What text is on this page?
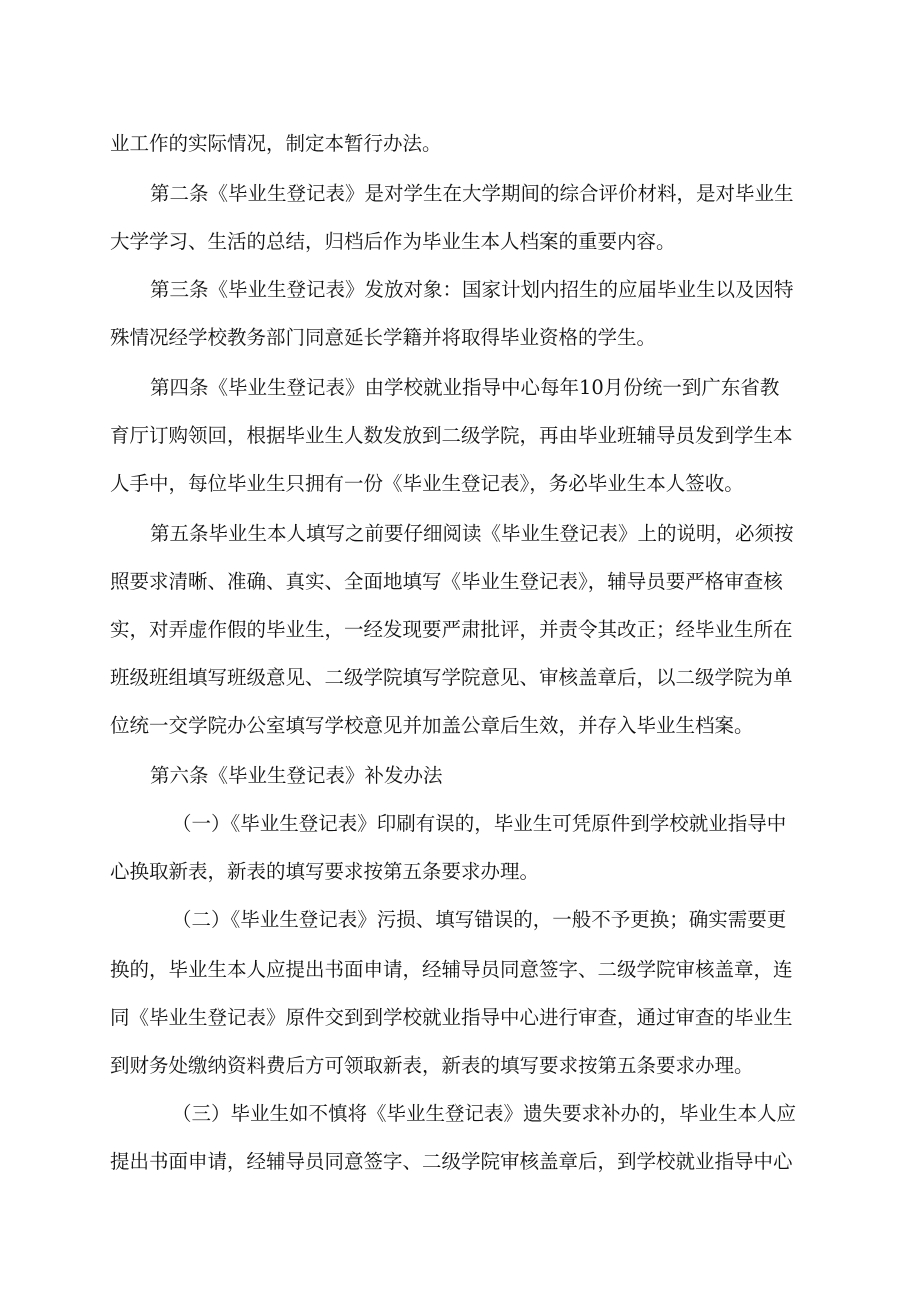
业工作的实际情况，制定本暂行办法。
第二条《毕业生登记表》是对学生在大学期间的综合评价材料，是对毕业生
大学学习、生活的总结，归档后作为毕业生本人档案的重要内容。
第三条《毕业生登记表》发放对象：国家计划内招生的应届毕业生以及因特
殊情况经学校教务部门同意延长学籍并将取得毕业资格的学生。
第四条《毕业生登记表》由学校就业指导中心每年10月份统一到广东省教
育厅订购领回，根据毕业生人数发放到二级学院，再由毕业班辅导员发到学生本
人手中，每位毕业生只拥有一份《毕业生登记表》，务必毕业生本人签收。
第五条毕业生本人填写之前要仔细阅读《毕业生登记表》上的说明，必须按
照要求清晰、准确、真实、全面地填写《毕业生登记表》，辅导员要严格审查核
实，对弄虚作假的毕业生，一经发现要严肃批评，并责令其改正；经毕业生所在
班级班组填写班级意见、二级学院填写学院意见、审核盖章后，以二级学院为单
位统一交学院办公室填写学校意见并加盖公章后生效，并存入毕业生档案。
第六条《毕业生登记表》补发办法
（一）《毕业生登记表》印刷有误的，毕业生可凭原件到学校就业指导中
心换取新表，新表的填写要求按第五条要求办理。
（二）《毕业生登记表》污损、填写错误的，一般不予更换；确实需要更
换的，毕业生本人应提出书面申请，经辅导员同意签字、二级学院审核盖章，连
同《毕业生登记表》原件交到到学校就业指导中心进行审查，通过审查的毕业生
到财务处缴纳资料费后方可领取新表，新表的填写要求按第五条要求办理。
（三）毕业生如不慎将《毕业生登记表》遗失要求补办的，毕业生本人应
提出书面申请，经辅导员同意签字、二级学院审核盖章后，到学校就业指导中心
